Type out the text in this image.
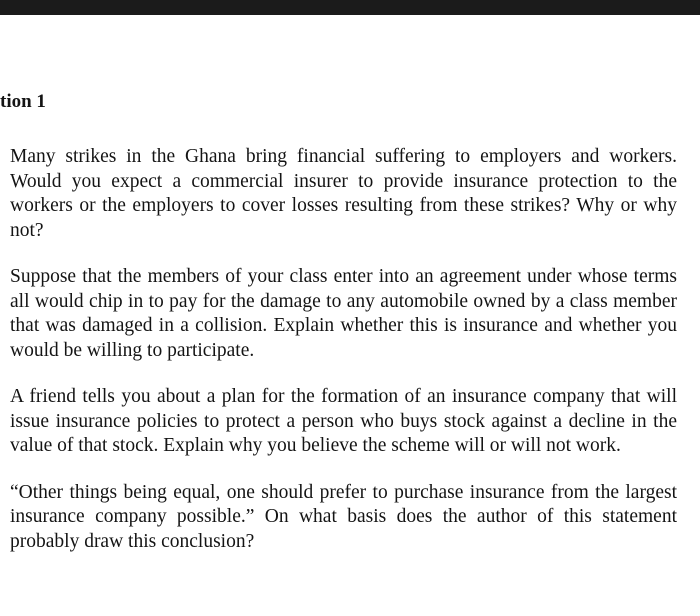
tion 1

Many strikes in the Ghana bring financial suffering to employers and workers. Would you expect a commercial insurer to provide insurance protection to the workers or the employers to cover losses resulting from these strikes? Why or why not?

Suppose that the members of your class enter into an agreement under whose terms all would chip in to pay for the damage to any automobile owned by a class member that was damaged in a collision. Explain whether this is insurance and whether you would be willing to participate.

A friend tells you about a plan for the formation of an insurance company that will issue insurance policies to protect a person who buys stock against a decline in the value of that stock. Explain why you believe the scheme will or will not work.

“Other things being equal, one should prefer to purchase insurance from the largest insurance company possible.” On what basis does the author of this statement probably draw this conclusion?
